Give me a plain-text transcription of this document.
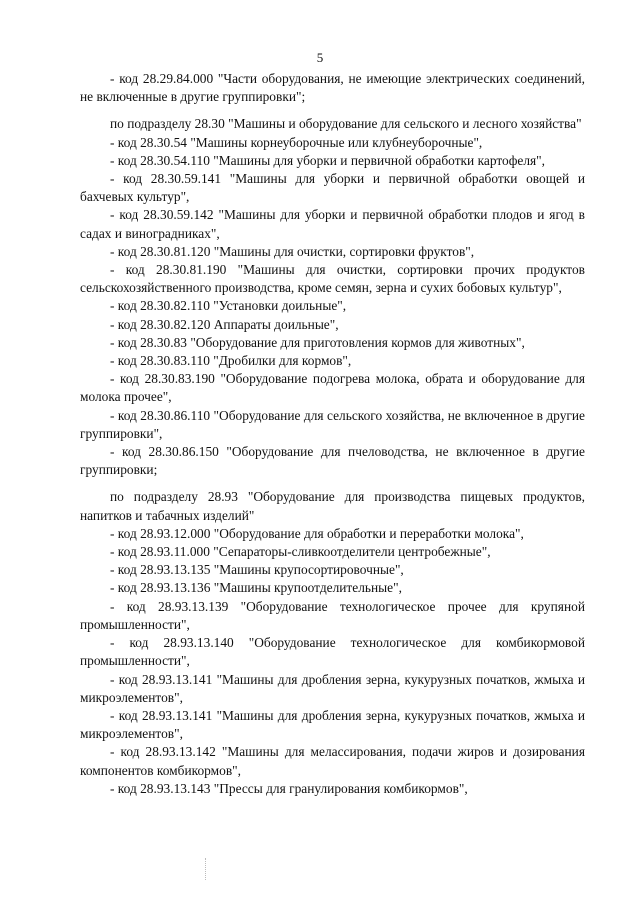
5

- код 28.29.84.000 "Части оборудования, не имеющие электрических соединений, не включенные в другие группировки";

по подразделу 28.30 "Машины и оборудование для сельского и лесного хозяйства"

- код 28.30.54 "Машины корнеуборочные или клубнеуборочные",

- код 28.30.54.110 "Машины для уборки и первичной обработки картофеля",

- код 28.30.59.141 "Машины для уборки и первичной обработки овощей и бахчевых культур",

- код 28.30.59.142 "Машины для уборки и первичной обработки плодов и ягод в садах и виноградниках",

- код 28.30.81.120 "Машины для очистки, сортировки фруктов",

- код 28.30.81.190 "Машины для очистки, сортировки прочих продуктов сельскохозяйственного производства, кроме семян, зерна и сухих бобовых культур",

- код 28.30.82.110 "Установки доильные",

- код 28.30.82.120 Аппараты доильные",

- код 28.30.83 "Оборудование для приготовления кормов для животных",

- код 28.30.83.110 "Дробилки для кормов",

- код 28.30.83.190 "Оборудование подогрева молока, обрата и оборудование для молока прочее",

- код 28.30.86.110 "Оборудование для сельского хозяйства, не включенное в другие группировки",

- код 28.30.86.150 "Оборудование для пчеловодства, не включенное в другие группировки;

по подразделу 28.93 "Оборудование для производства пищевых продуктов, напитков и табачных изделий"

- код 28.93.12.000 "Оборудование для обработки и переработки молока",

- код 28.93.11.000 "Сепараторы-сливкоотделители центробежные",

- код 28.93.13.135 "Машины крупосортировочные",

- код 28.93.13.136 "Машины крупоотделительные",

- код 28.93.13.139 "Оборудование технологическое прочее для крупяной промышленности",

- код 28.93.13.140 "Оборудование технологическое для комбикормовой промышленности",

- код 28.93.13.141 "Машины для дробления зерна, кукурузных початков, жмыха и микроэлементов",

- код 28.93.13.141 "Машины для дробления зерна, кукурузных початков, жмыха и микроэлементов",

- код 28.93.13.142 "Машины для мелассирования, подачи жиров и дозирования компонентов комбикормов",

- код 28.93.13.143 "Прессы для гранулирования комбикормов",
